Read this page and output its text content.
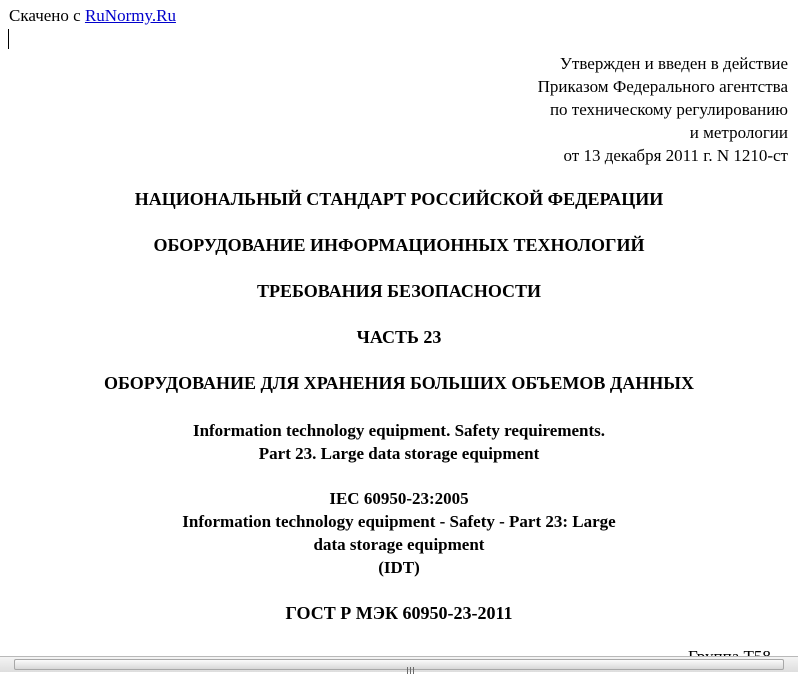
Скачено с RuNormy.Ru
Утвержден и введен в действие
Приказом Федерального агентства
по техническому регулированию
и метрологии
от 13 декабря 2011 г. N 1210-ст
НАЦИОНАЛЬНЫЙ СТАНДАРТ РОССИЙСКОЙ ФЕДЕРАЦИИ
ОБОРУДОВАНИЕ ИНФОРМАЦИОННЫХ ТЕХНОЛОГИЙ
ТРЕБОВАНИЯ БЕЗОПАСНОСТИ
ЧАСТЬ 23
ОБОРУДОВАНИЕ ДЛЯ ХРАНЕНИЯ БОЛЬШИХ ОБЪЕМОВ ДАННЫХ
Information technology equipment. Safety requirements.
Part 23. Large data storage equipment
IEC 60950-23:2005
Information technology equipment - Safety - Part 23: Large
data storage equipment
(IDT)
ГОСТ Р МЭК 60950-23-2011
